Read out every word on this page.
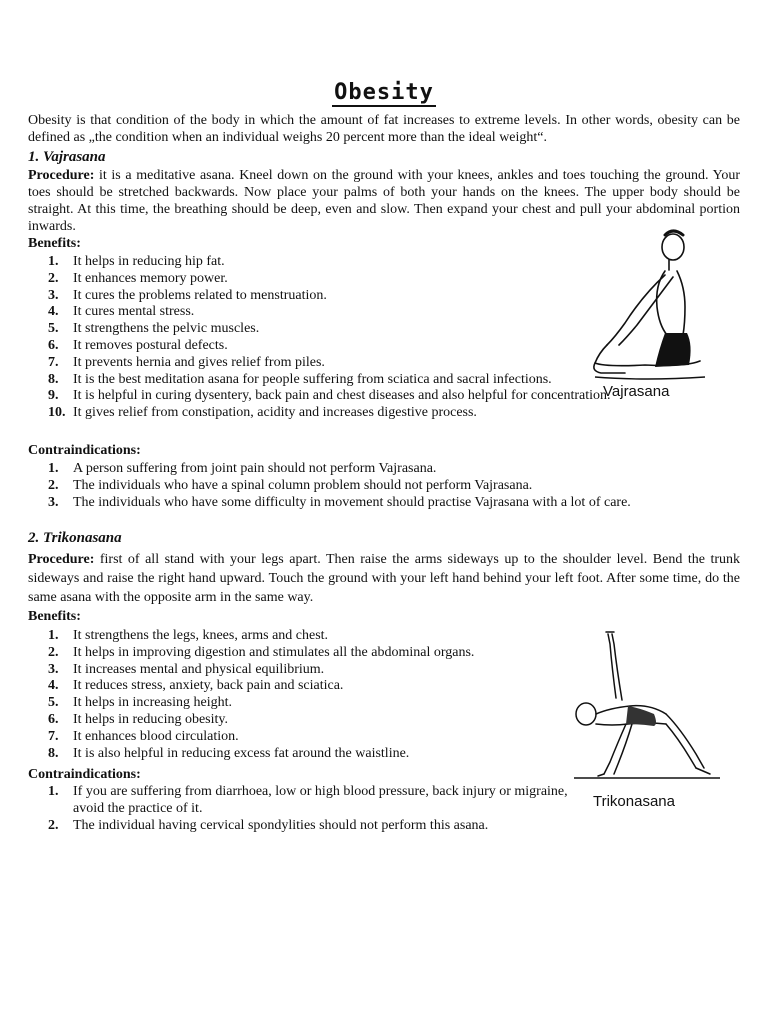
Obesity
Obesity is that condition of the body in which the amount of fat increases to extreme levels. In other words, obesity can be defined as „the condition when an individual weighs 20 percent more than the ideal weight“.
1. Vajrasana
Procedure: it is a meditative asana. Kneel down on the ground with your knees, ankles and toes touching the ground. Your toes should be stretched backwards. Now place your palms of both your hands on the knees. The upper body should be straight. At this time, the breathing should be deep, even and slow. Then expand your chest and pull your abdominal portion inwards.
Benefits:
1. It helps in reducing hip fat.
2. It enhances memory power.
3. It cures the problems related to menstruation.
4. It cures mental stress.
5. It strengthens the pelvic muscles.
6. It removes postural defects.
7. It prevents hernia and gives relief from piles.
8. It is the best meditation asana for people suffering from sciatica and sacral infections.
9. It is helpful in curing dysentery, back pain and chest diseases and also helpful for concentration.
10. It gives relief from constipation, acidity and increases digestive process.
Contraindications:
1. A person suffering from joint pain should not perform Vajrasana.
2. The individuals who have a spinal column problem should not perform Vajrasana.
3. The individuals who have some difficulty in movement should practise Vajrasana with a lot of care.
Vajrasana
2. Trikonasana
Procedure: first of all stand with your legs apart. Then raise the arms sideways up to the shoulder level. Bend the trunk sideways and raise the right hand upward. Touch the ground with your left hand behind your left foot. After some time, do the same asana with the opposite arm in the same way.
Benefits:
1. It strengthens the legs, knees, arms and chest.
2. It helps in improving digestion and stimulates all the abdominal organs.
3. It increases mental and physical equilibrium.
4. It reduces stress, anxiety, back pain and sciatica.
5. It helps in increasing height.
6. It helps in reducing obesity.
7. It enhances blood circulation.
8. It is also helpful in reducing excess fat around the waistline.
Contraindications:
1. If you are suffering from diarrhoea, low or high blood pressure, back injury or migraine, avoid the practice of it.
2. The individual having cervical spondylities should not perform this asana.
Trikonasana
